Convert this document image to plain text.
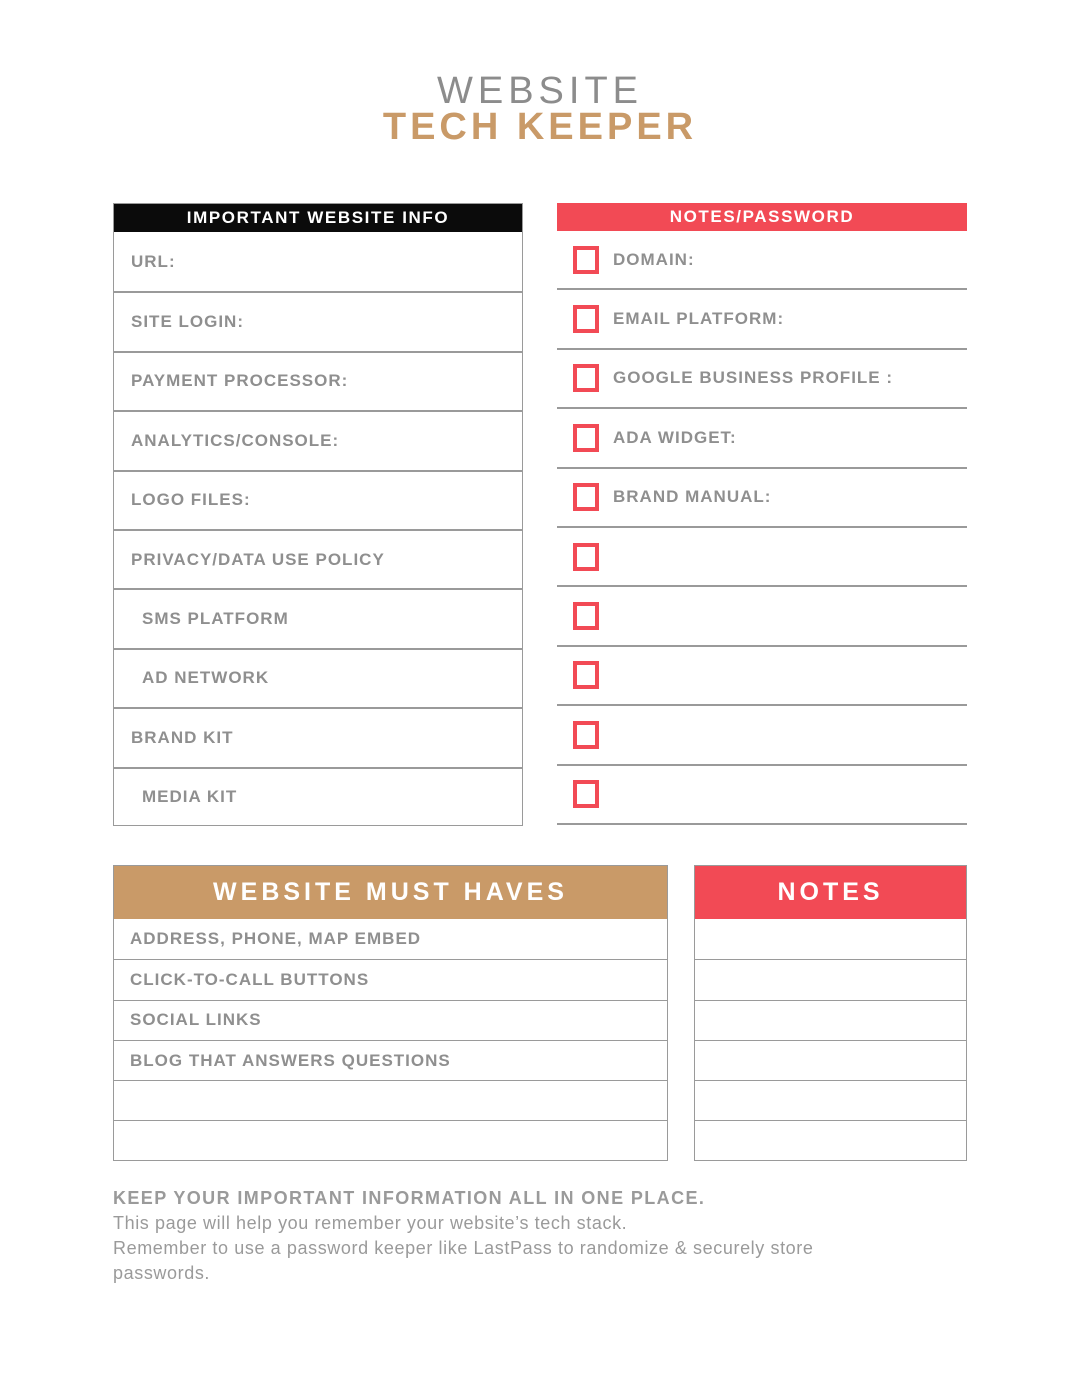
WEBSITE
TECH KEEPER
IMPORTANT WEBSITE INFO
URL:
SITE LOGIN:
PAYMENT PROCESSOR:
ANALYTICS/CONSOLE:
LOGO FILES:
PRIVACY/DATA USE POLICY
SMS PLATFORM
AD NETWORK
BRAND KIT
MEDIA KIT
NOTES/PASSWORD
DOMAIN:
EMAIL PLATFORM:
GOOGLE BUSINESS PROFILE :
ADA WIDGET:
BRAND MANUAL:
WEBSITE MUST HAVES
ADDRESS, PHONE, MAP EMBED
CLICK-TO-CALL BUTTONS
SOCIAL LINKS
BLOG THAT ANSWERS QUESTIONS
NOTES
KEEP YOUR IMPORTANT INFORMATION ALL IN ONE PLACE.
This page will help you remember your website’s tech stack.
Remember to use a password keeper like LastPass to randomize & securely store passwords.
